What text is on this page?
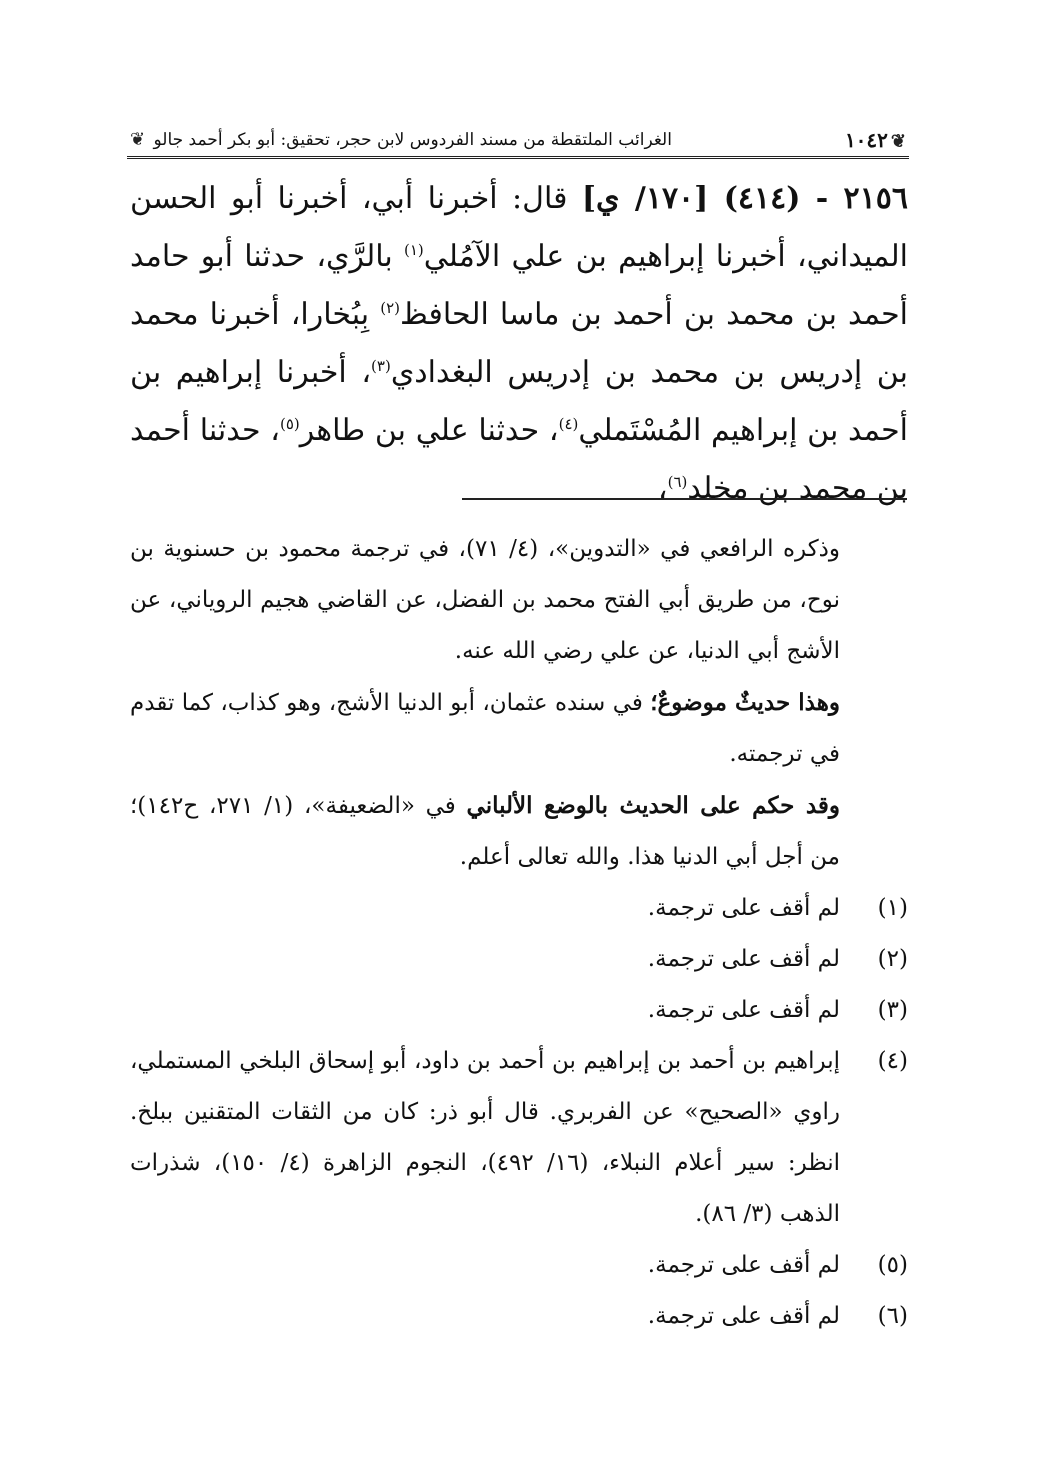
❦
١٠٤٢
الغرائب الملتقطة من مسند الفردوس لابن حجر، تحقيق: أبو بكر أحمد جالو ❦

٢١٥٦ - (٤١٤) [١٧٠/ ي] قال: أخبرنا أبي، أخبرنا أبو الحسن الميداني، أخبرنا إبراهيم بن علي الآمُلي$^{(١)}$ بالرَّي، حدثنا أبو حامد أحمد بن محمد بن أحمد بن ماسا الحافظ$^{(٢)}$ بِبُخارا، أخبرنا محمد بن إدريس بن محمد بن إدريس البغدادي$^{(٣)}$، أخبرنا إبراهيم بن أحمد بن إبراهيم المُسْتَملي$^{(٤)}$، حدثنا علي بن طاهر$^{(٥)}$، حدثنا أحمد بن محمد بن مخلد$^{(٦)}$،

وذكره الرافعي في «التدوين»، (٤/ ٧١)، في ترجمة محمود بن حسنوية بن نوح، من طريق أبي الفتح محمد بن الفضل، عن القاضي هجيم الروياني، عن الأشج أبي الدنيا، عن علي رضي الله عنه.

وهذا حديثٌ موضوعٌ؛ في سنده عثمان، أبو الدنيا الأشج، وهو كذاب، كما تقدم في ترجمته.

وقد حكم على الحديث بالوضع الألباني في «الضعيفة»، (١/ ٢٧١، ح١٤٢)؛ من أجل أبي الدنيا هذا. والله تعالى أعلم.

(١)
لم أقف على ترجمة.
(٢)
لم أقف على ترجمة.
(٣)
لم أقف على ترجمة.
(٤)
إبراهيم بن أحمد بن إبراهيم بن أحمد بن داود، أبو إسحاق البلخي المستملي، راوي «الصحيح» عن الفربري. قال أبو ذر: كان من الثقات المتقنين ببلخ. انظر: سير أعلام النبلاء، (١٦/ ٤٩٢)، النجوم الزاهرة (٤/ ١٥٠)، شذرات الذهب (٣/ ٨٦).
(٥)
لم أقف على ترجمة.
(٦)
لم أقف على ترجمة.
